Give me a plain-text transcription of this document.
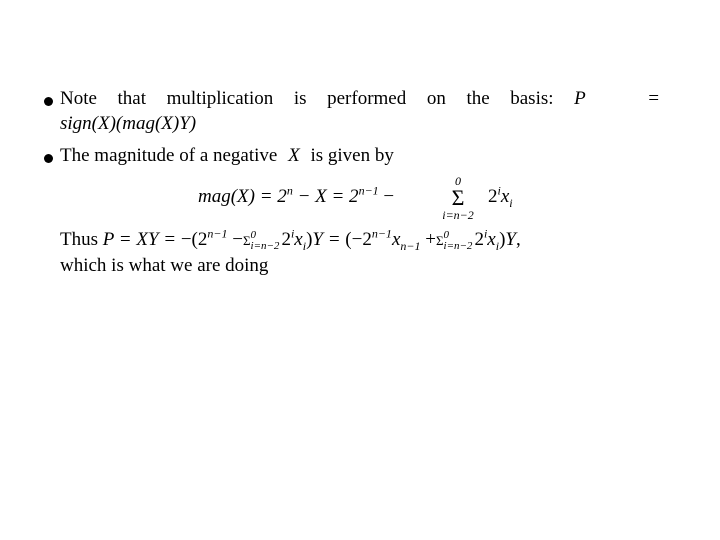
Note that multiplication is performed on the basis: P   =
sign(X)(mag(X)Y)
The magnitude of a negative X is given by
$mag(X) = 2^n - X = 2^{n-1}$ −
0
Σ
i=n−2
$2^ix_i$
Thus P = XY = $-(2^{n-1} -\Sigma$ 0
i=n−2 $2^ix_i)Y = (-2^{n-1}x_{n-1} +\Sigma$ 0
i=n−2 $2^ix_i)Y$,
which is what we are doing
